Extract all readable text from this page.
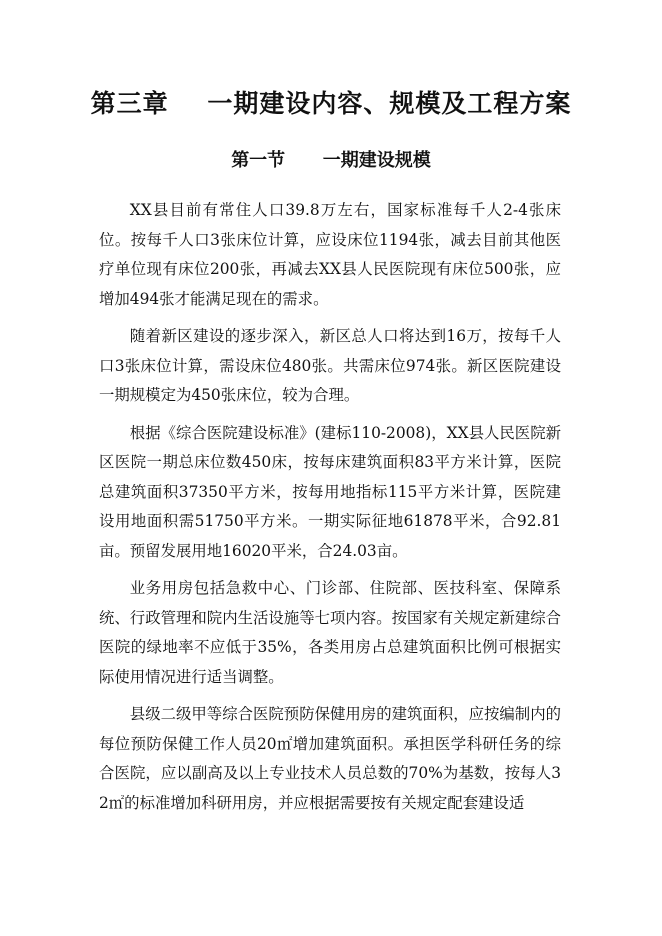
第三章    一期建设内容、规模及工程方案
第一节      一期建设规模

XX县目前有常住人口39.8万左右，国家标准每千人2-4张床位。按每千人口3张床位计算，应设床位1194张，减去目前其他医疗单位现有床位200张，再减去XX县人民医院现有床位500张，应增加494张才能满足现在的需求。

随着新区建设的逐步深入，新区总人口将达到16万，按每千人口3张床位计算，需设床位480张。共需床位974张。新区医院建设一期规模定为450张床位，较为合理。

根据《综合医院建设标准》(建标110-2008)，XX县人民医院新区医院一期总床位数450床，按每床建筑面积83平方米计算，医院总建筑面积37350平方米，按每用地指标115平方米计算，医院建设用地面积需51750平方米。一期实际征地61878平米，合92.81亩。预留发展用地16020平米，合24.03亩。

业务用房包括急救中心、门诊部、住院部、医技科室、保障系统、行政管理和院内生活设施等七项内容。按国家有关规定新建综合医院的绿地率不应低于35%，各类用房占总建筑面积比例可根据实际使用情况进行适当调整。

县级二级甲等综合医院预防保健用房的建筑面积，应按编制内的每位预防保健工作人员20㎡增加建筑面积。承担医学科研任务的综合医院，应以副高及以上专业技术人员总数的70%为基数，按每人32㎡的标准增加科研用房，并应根据需要按有关规定配套建设适
